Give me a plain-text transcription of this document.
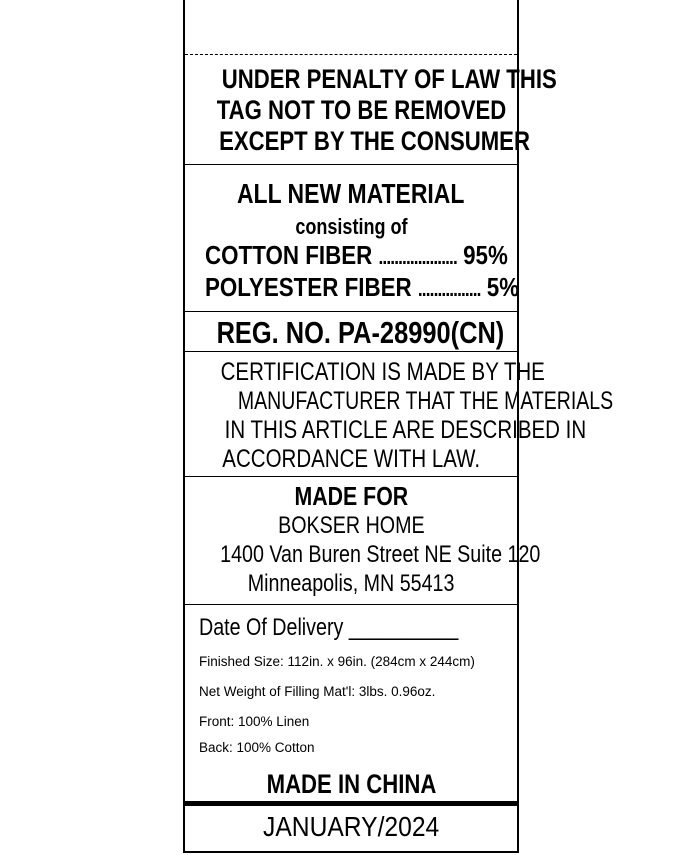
UNDER PENALTY OF LAW THIS
TAG NOT TO BE REMOVED
EXCEPT BY THE CONSUMER
ALL NEW MATERIAL
consisting of
COTTON FIBER .................... 95%
POLYESTER FIBER ................ 5%
REG. NO. PA-28990(CN)
CERTIFICATION IS MADE BY THE
MANUFACTURER THAT THE MATERIALS
IN THIS ARTICLE ARE DESCRIBED IN
ACCORDANCE WITH LAW.
MADE FOR
BOKSER HOME
1400 Van Buren Street NE Suite 120
Minneapolis, MN 55413
Date Of Delivery __________
Finished Size: 112in. x 96in. (284cm x 244cm)
Net Weight of Filling Mat'l: 3lbs. 0.96oz.
Front: 100% Linen
Back: 100% Cotton
MADE IN CHINA
JANUARY/2024
